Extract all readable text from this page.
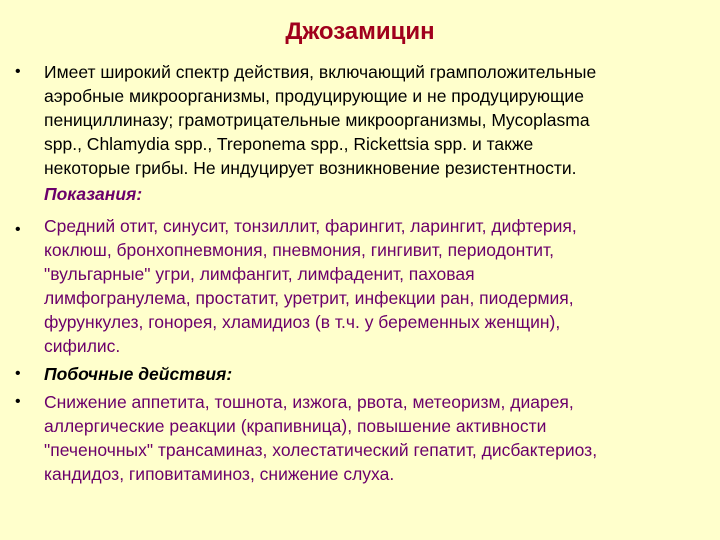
Джозамицин
• Имеет широкий спектр действия, включающий грамположительные
аэробные микроорганизмы, продуцирующие и не продуцирующие
пенициллиназу; грамотрицательные микроорганизмы, Mycoplasma
spp., Chlamydia spp., Treponema spp., Rickettsia spp. и также
некоторые грибы. Не индуцирует возникновение резистентности.
Показания:
• Средний отит, синусит, тонзиллит, фарингит, ларингит, дифтерия,
коклюш, бронхопневмония, пневмония, гингивит, периодонтит,
"вульгарные" угри, лимфангит, лимфаденит, паховая
лимфогранулема, простатит, уретрит, инфекции ран, пиодермия,
фурункулез, гонорея, хламидиоз (в т.ч. у беременных женщин),
сифилис.
• Побочные действия:
• Снижение аппетита, тошнота, изжога, рвота, метеоризм, диарея,
аллергические реакции (крапивница), повышение активности
"печеночных" трансаминаз, холестатический гепатит, дисбактериоз,
кандидоз, гиповитаминоз, снижение слуха.
